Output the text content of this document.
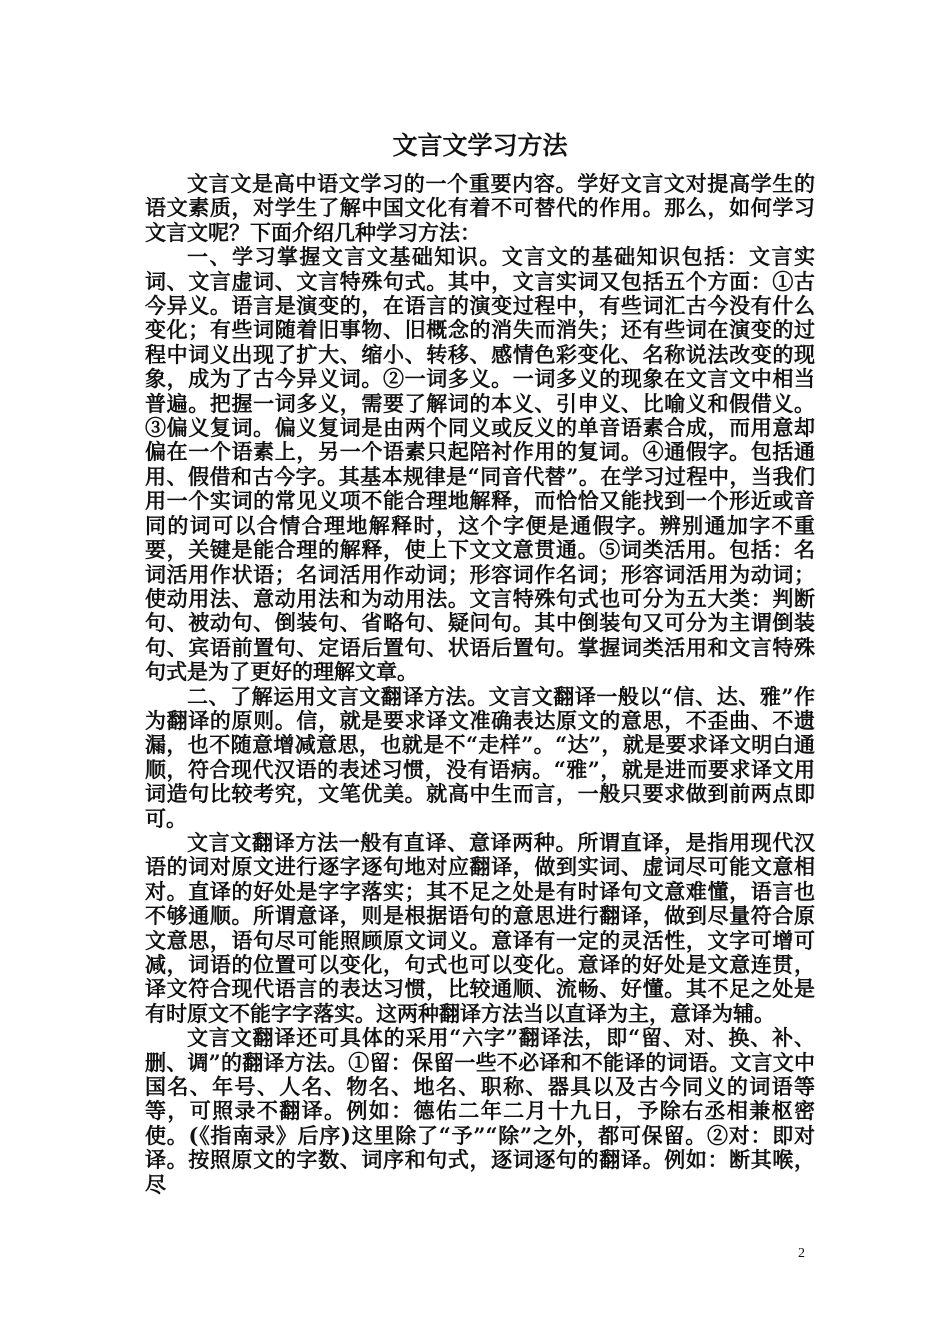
文言文学习方法

文言文是高中语文学习的一个重要内容。学好文言文对提高学生的语文素质，对学生了解中国文化有着不可替代的作用。那么，如何学习文言文呢？下面介绍几种学习方法：

一、学习掌握文言文基础知识。文言文的基础知识包括：文言实词、文言虚词、文言特殊句式。其中，文言实词又包括五个方面：①古今异义。语言是演变的，在语言的演变过程中，有些词汇古今没有什么变化；有些词随着旧事物、旧概念的消失而消失；还有些词在演变的过程中词义出现了扩大、缩小、转移、感情色彩变化、名称说法改变的现象，成为了古今异义词。②一词多义。一词多义的现象在文言文中相当普遍。把握一词多义，需要了解词的本义、引申义、比喻义和假借义。③偏义复词。偏义复词是由两个同义或反义的单音语素合成，而用意却偏在一个语素上，另一个语素只起陪衬作用的复词。④通假字。包括通用、假借和古今字。其基本规律是“同音代替”。在学习过程中，当我们用一个实词的常见义项不能合理地解释，而恰恰又能找到一个形近或音同的词可以合情合理地解释时，这个字便是通假字。辨别通加字不重要，关键是能合理的解释，使上下文文意贯通。⑤词类活用。包括：名词活用作状语；名词活用作动词；形容词作名词；形容词活用为动词；使动用法、意动用法和为动用法。文言特殊句式也可分为五大类：判断句、被动句、倒装句、省略句、疑问句。其中倒装句又可分为主谓倒装句、宾语前置句、定语后置句、状语后置句。掌握词类活用和文言特殊句式是为了更好的理解文章。

二、了解运用文言文翻译方法。文言文翻译一般以“信、达、雅”作为翻译的原则。信，就是要求译文准确表达原文的意思，不歪曲、不遗漏，也不随意增减意思，也就是不“走样”。“达”，就是要求译文明白通顺，符合现代汉语的表述习惯，没有语病。“雅”，就是进而要求译文用词造句比较考究，文笔优美。就高中生而言，一般只要求做到前两点即可。

文言文翻译方法一般有直译、意译两种。所谓直译，是指用现代汉语的词对原文进行逐字逐句地对应翻译，做到实词、虚词尽可能文意相对。直译的好处是字字落实；其不足之处是有时译句文意难懂，语言也不够通顺。所谓意译，则是根据语句的意思进行翻译，做到尽量符合原文意思，语句尽可能照顾原文词义。意译有一定的灵活性，文字可增可减，词语的位置可以变化，句式也可以变化。意译的好处是文意连贯，译文符合现代语言的表达习惯，比较通顺、流畅、好懂。其不足之处是有时原文不能字字落实。这两种翻译方法当以直译为主，意译为辅。

文言文翻译还可具体的采用“六字”翻译法，即“留、对、换、补、删、调”的翻译方法。①留：保留一些不必译和不能译的词语。文言文中国名、年号、人名、物名、地名、职称、器具以及古今同义的词语等等，可照录不翻译。例如：德佑二年二月十九日，予除右丞相兼枢密使。(《指南录》后序)这里除了“予”“除”之外，都可保留。②对：即对译。按照原文的字数、词序和句式，逐词逐句的翻译。例如：断其喉，尽

2
